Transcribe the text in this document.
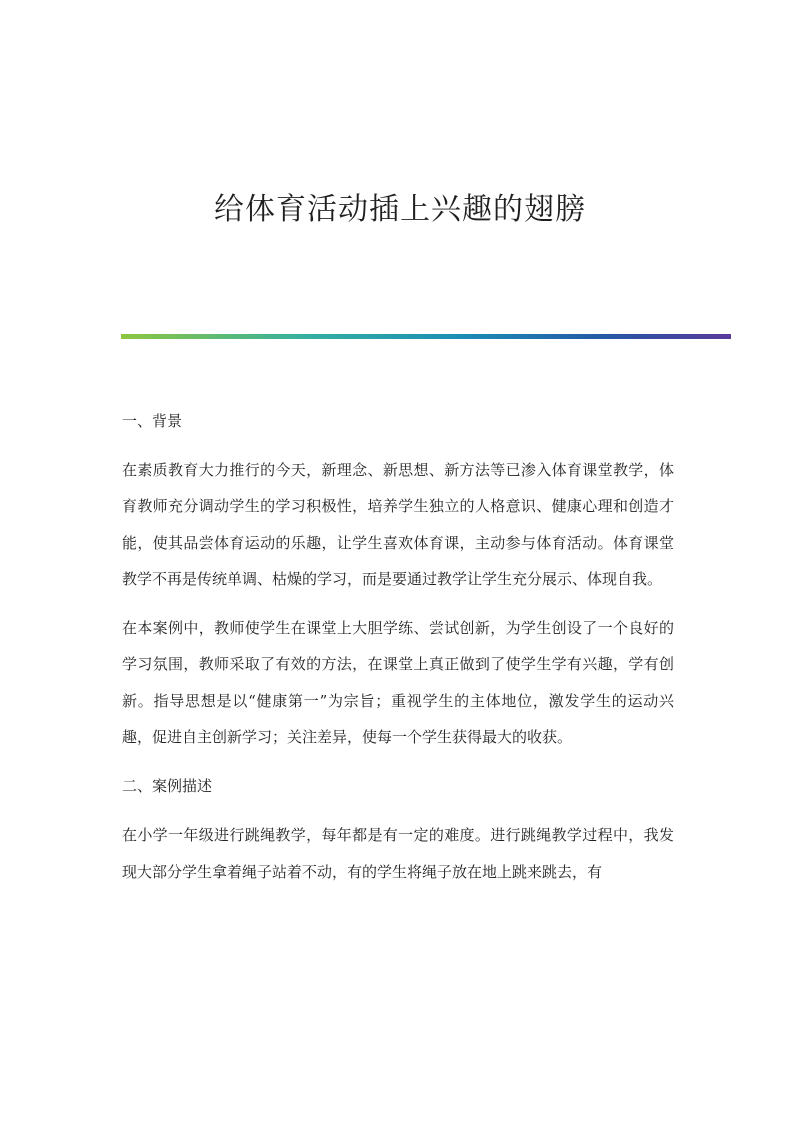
给体育活动插上兴趣的翅膀
一、背景

在素质教育大力推行的今天，新理念、新思想、新方法等已渗入体育课堂教学，体育教师充分调动学生的学习积极性，培养学生独立的人格意识、健康心理和创造才能，使其品尝体育运动的乐趣，让学生喜欢体育课，主动参与体育活动。体育课堂教学不再是传统单调、枯燥的学习，而是要通过教学让学生充分展示、体现自我。

在本案例中，教师使学生在课堂上大胆学练、尝试创新，为学生创设了一个良好的学习氛围，教师采取了有效的方法，在课堂上真正做到了使学生学有兴趣，学有创新。指导思想是以“健康第一”为宗旨；重视学生的主体地位，激发学生的运动兴趣，促进自主创新学习；关注差异，使每一个学生获得最大的收获。

二、案例描述

在小学一年级进行跳绳教学，每年都是有一定的难度。进行跳绳教学过程中，我发现大部分学生拿着绳子站着不动，有的学生将绳子放在地上跳来跳去，有
